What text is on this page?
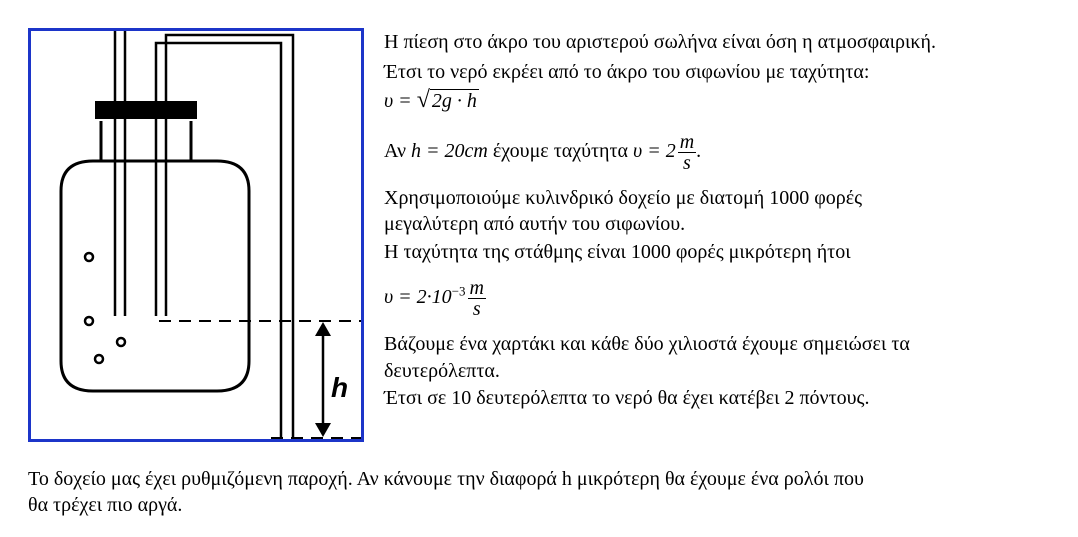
h
Η πίεση στο άκρο του αριστερού σωλήνα είναι όση η ατμοσφαιρική.
Έτσι το νερό εκρέει από το άκρο του σιφωνίου με ταχύτητα:
υ = √ 2g · h
Αν h = 20cm έχουμε ταχύτητα $\upsilon = 2 \frac{m}{s}$ .
Χρησιμοποιούμε κυλινδρικό δοχείο με διατομή 1000 φορές
μεγαλύτερη από αυτήν του σιφωνίου.
Η ταχύτητα της στάθμης είναι 1000 φορές μικρότερη ήτοι
$\upsilon = 2\cdot 10^{-3} \frac{m}{s}$
Βάζουμε ένα χαρτάκι και κάθε δύο χιλιοστά έχουμε σημειώσει τα
δευτερόλεπτα.
Έτσι σε 10 δευτερόλεπτα το νερό θα έχει κατέβει 2 πόντους.
Το δοχείο μας έχει ρυθμιζόμενη παροχή. Αν κάνουμε την διαφορά h μικρότερη θα έχουμε ένα ρολόι που
θα τρέχει πιο αργά.
